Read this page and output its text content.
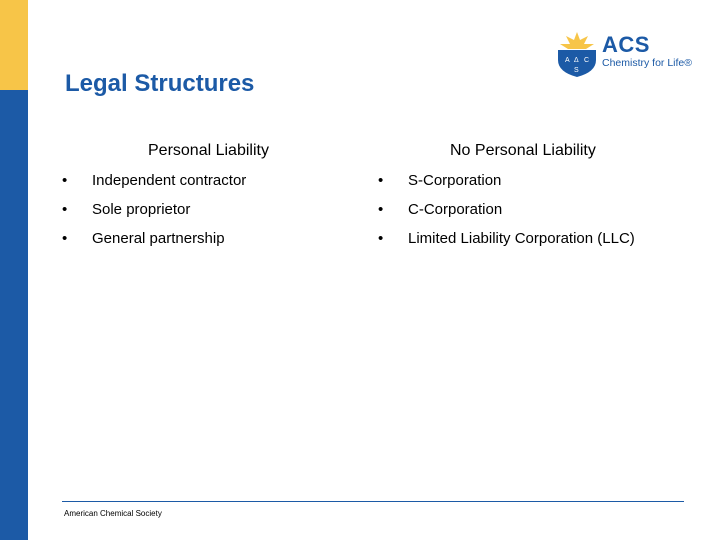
Legal Structures
A Δ C
S
ACS
Chemistry for Life®
Personal Liability	No Personal Liability
•	Independent contractor
•	Sole proprietor
•	General partnership
•	S-Corporation
•	C-Corporation
•	Limited Liability Corporation (LLC)
American Chemical Society
